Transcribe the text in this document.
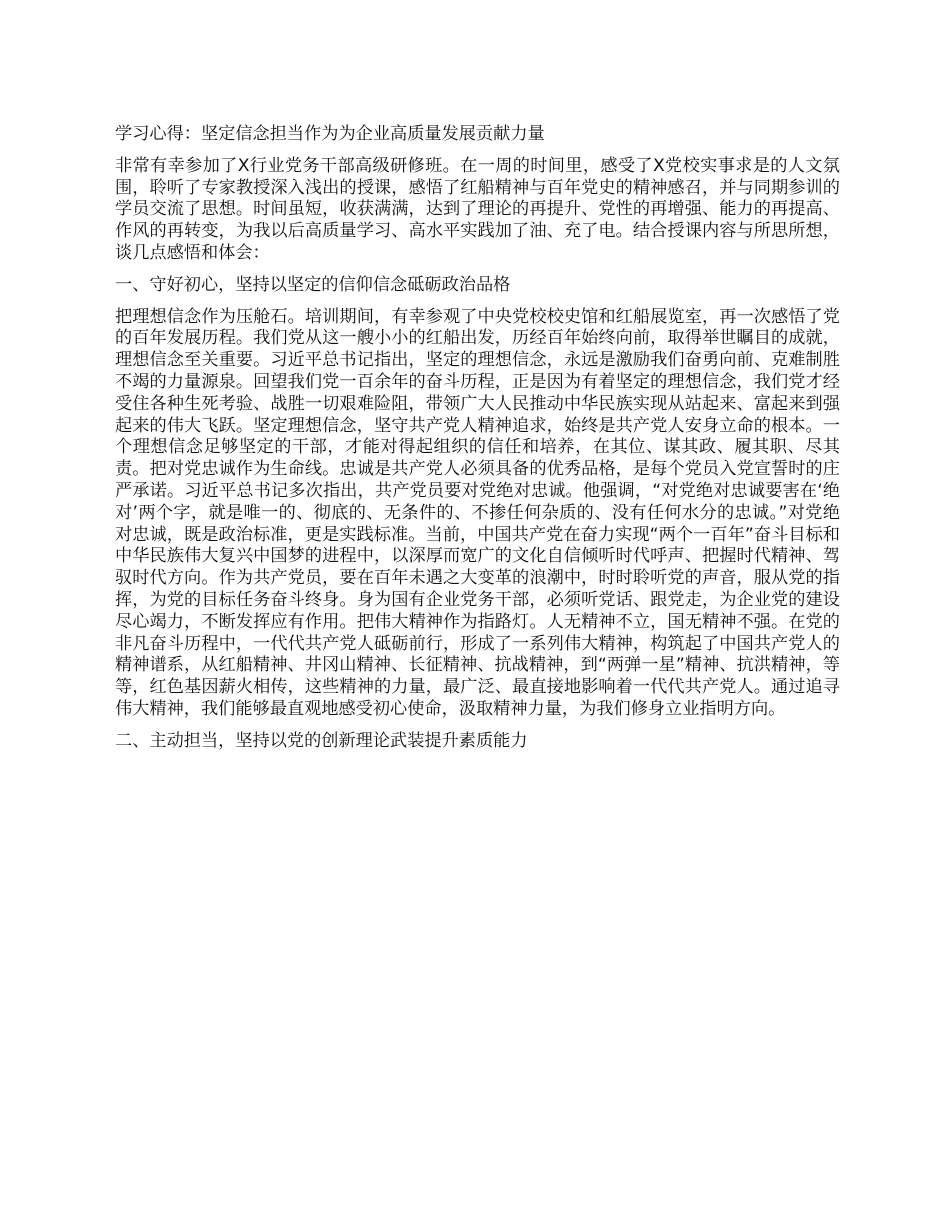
学习心得：坚定信念担当作为为企业高质量发展贡献力量

非常有幸参加了X行业党务干部高级研修班。在一周的时间里，感受了X党校实事求是的人文氛围，聆听了专家教授深入浅出的授课，感悟了红船精神与百年党史的精神感召，并与同期参训的学员交流了思想。时间虽短，收获满满，达到了理论的再提升、党性的再增强、能力的再提高、作风的再转变，为我以后高质量学习、高水平实践加了油、充了电。结合授课内容与所思所想，谈几点感悟和体会：

一、守好初心，坚持以坚定的信仰信念砥砺政治品格

把理想信念作为压舱石。培训期间，有幸参观了中央党校校史馆和红船展览室，再一次感悟了党的百年发展历程。我们党从这一艘小小的红船出发，历经百年始终向前，取得举世瞩目的成就，理想信念至关重要。习近平总书记指出，坚定的理想信念，永远是激励我们奋勇向前、克难制胜不竭的力量源泉。回望我们党一百余年的奋斗历程，正是因为有着坚定的理想信念，我们党才经受住各种生死考验、战胜一切艰难险阻，带领广大人民推动中华民族实现从站起来、富起来到强起来的伟大飞跃。坚定理想信念，坚守共产党人精神追求，始终是共产党人安身立命的根本。一个理想信念足够坚定的干部，才能对得起组织的信任和培养，在其位、谋其政、履其职、尽其责。把对党忠诚作为生命线。忠诚是共产党人必须具备的优秀品格，是每个党员入党宣誓时的庄严承诺。习近平总书记多次指出，共产党员要对党绝对忠诚。他强调，“对党绝对忠诚要害在‘绝对’两个字，就是唯一的、彻底的、无条件的、不掺任何杂质的、没有任何水分的忠诚。”对党绝对忠诚，既是政治标准，更是实践标准。当前，中国共产党在奋力实现“两个一百年”奋斗目标和中华民族伟大复兴中国梦的进程中，以深厚而宽广的文化自信倾听时代呼声、把握时代精神、驾驭时代方向。作为共产党员，要在百年未遇之大变革的浪潮中，时时聆听党的声音，服从党的指挥，为党的目标任务奋斗终身。身为国有企业党务干部，必须听党话、跟党走，为企业党的建设尽心竭力，不断发挥应有作用。把伟大精神作为指路灯。人无精神不立，国无精神不强。在党的非凡奋斗历程中，一代代共产党人砥砺前行，形成了一系列伟大精神，构筑起了中国共产党人的精神谱系，从红船精神、井冈山精神、长征精神、抗战精神，到“两弹一星”精神、抗洪精神，等等，红色基因薪火相传，这些精神的力量，最广泛、最直接地影响着一代代共产党人。通过追寻伟大精神，我们能够最直观地感受初心使命，汲取精神力量，为我们修身立业指明方向。

二、主动担当，坚持以党的创新理论武装提升素质能力
